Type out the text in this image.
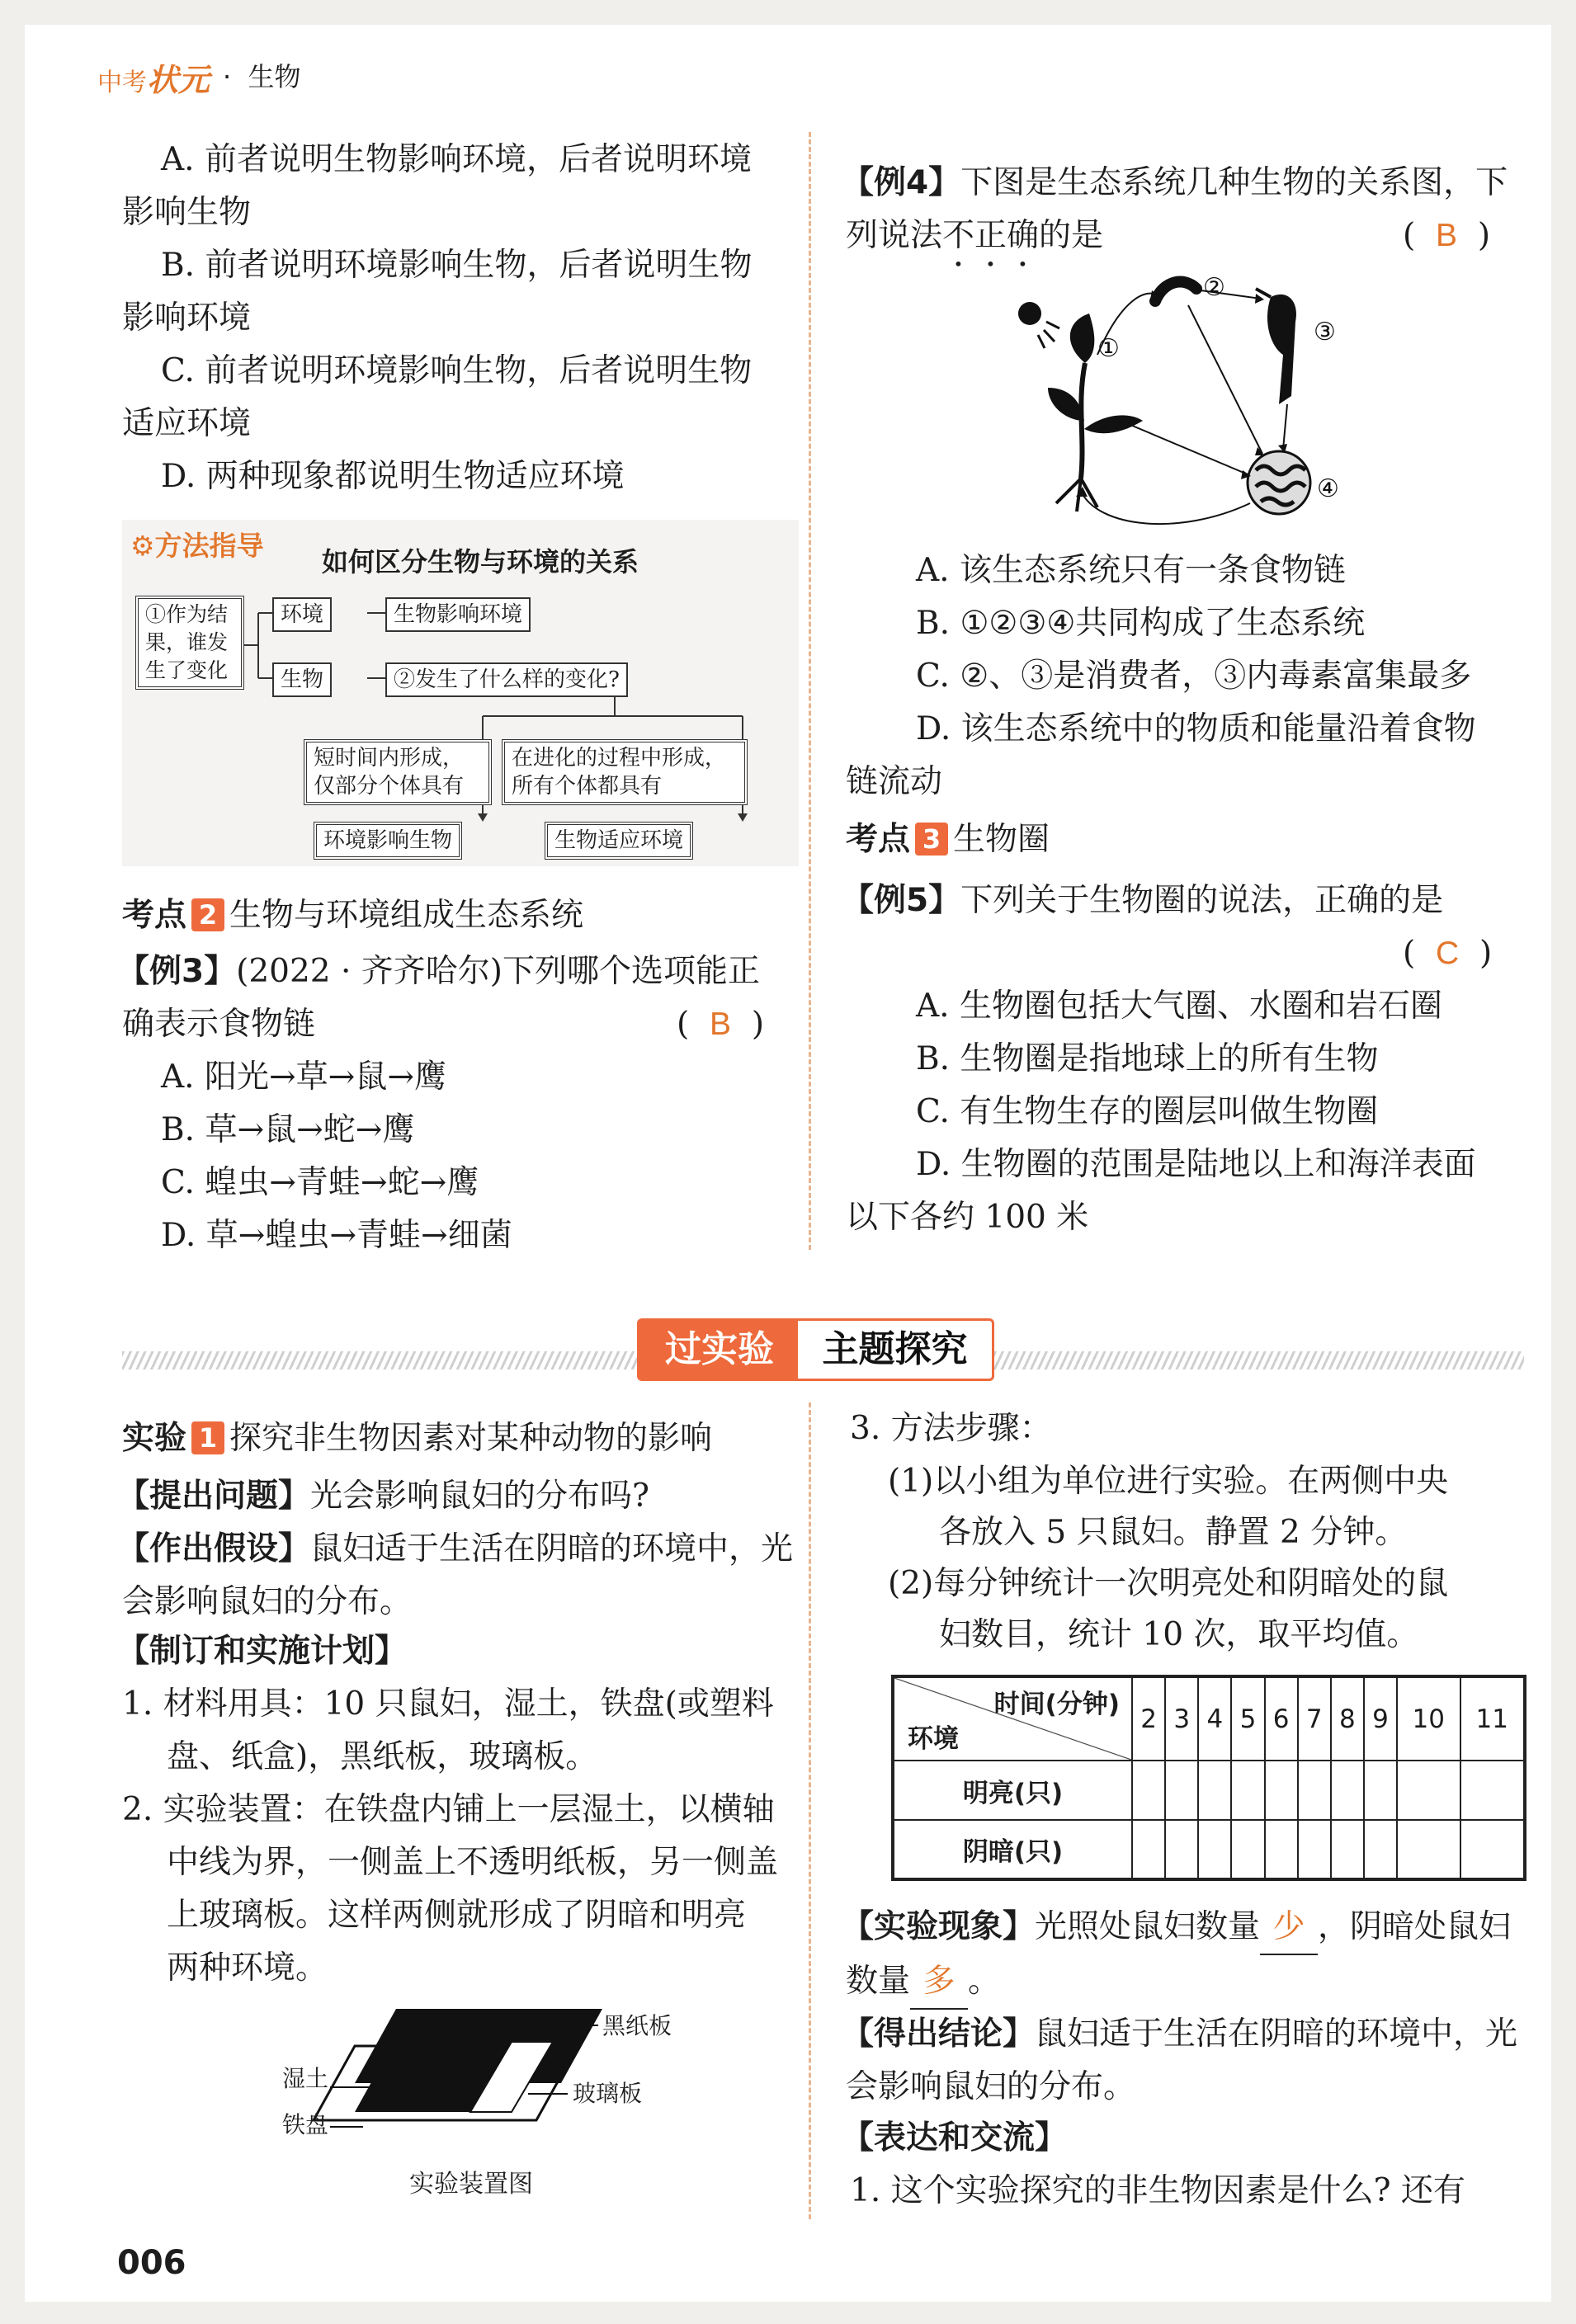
中考状元 · 生物
A. 前者说明生物影响环境，后者说明环境
影响生物
B. 前者说明环境影响生物，后者说明生物
影响环境
C. 前者说明环境影响生物，后者说明生物
适应环境
D. 两种现象都说明生物适应环境
⚙方法指导 如何区分生物与环境的关系
①作为结果，谁发生了变化
环境	生物影响环境
生物	②发生了什么样的变化?
短时间内形成，仅部分个体具有
在进化的过程中形成，所有个体都具有
环境影响生物	生物适应环境
考点 2 生物与环境组成生态系统
【例3】(2022 · 齐齐哈尔)下列哪个选项能正
确表示食物链	( B )
A. 阳光→草→鼠→鹰
B. 草→鼠→蛇→鹰
C. 蝗虫→青蛙→蛇→鹰
D. 草→蝗虫→青蛙→细菌
【例4】下图是生态系统几种生物的关系图，下
列说法不正确的是	( B )
①
②
③
④
A. 该生态系统只有一条食物链
B. ①②③④共同构成了生态系统
C. ②、③是消费者，③内毒素富集最多
D. 该生态系统中的物质和能量沿着食物
链流动
考点 3 生物圈
【例5】下列关于生物圈的说法，正确的是
( C )
A. 生物圈包括大气圈、水圈和岩石圈
B. 生物圈是指地球上的所有生物
C. 有生物生存的圈层叫做生物圈
D. 生物圈的范围是陆地以上和海洋表面
以下各约 100 米
过实验	主题探究
实验 1 探究非生物因素对某种动物的影响
【提出问题】光会影响鼠妇的分布吗?
【作出假设】鼠妇适于生活在阴暗的环境中，光
会影响鼠妇的分布。
【制订和实施计划】
1. 材料用具：10 只鼠妇，湿土，铁盘(或塑料
盘、纸盒)，黑纸板，玻璃板。
2. 实验装置：在铁盘内铺上一层湿土，以横轴
中线为界，一侧盖上不透明纸板，另一侧盖
上玻璃板。这样两侧就形成了阴暗和明亮
两种环境。
湿土
铁盘
黑纸板
玻璃板
实验装置图
3. 方法步骤：
(1)以小组为单位进行实验。在两侧中央
各放入 5 只鼠妇。静置 2 分钟。
(2)每分钟统计一次明亮处和阴暗处的鼠
妇数目，统计 10 次，取平均值。
时间(分钟)
环境	2	3	4	5	6	7	8	9	10	11
明亮(只)										
阴暗(只)										
【实验现象】光照处鼠妇数量 少 ，阴暗处鼠妇
数量 多 。
【得出结论】鼠妇适于生活在阴暗的环境中，光
会影响鼠妇的分布。
【表达和交流】
1. 这个实验探究的非生物因素是什么? 还有
006
